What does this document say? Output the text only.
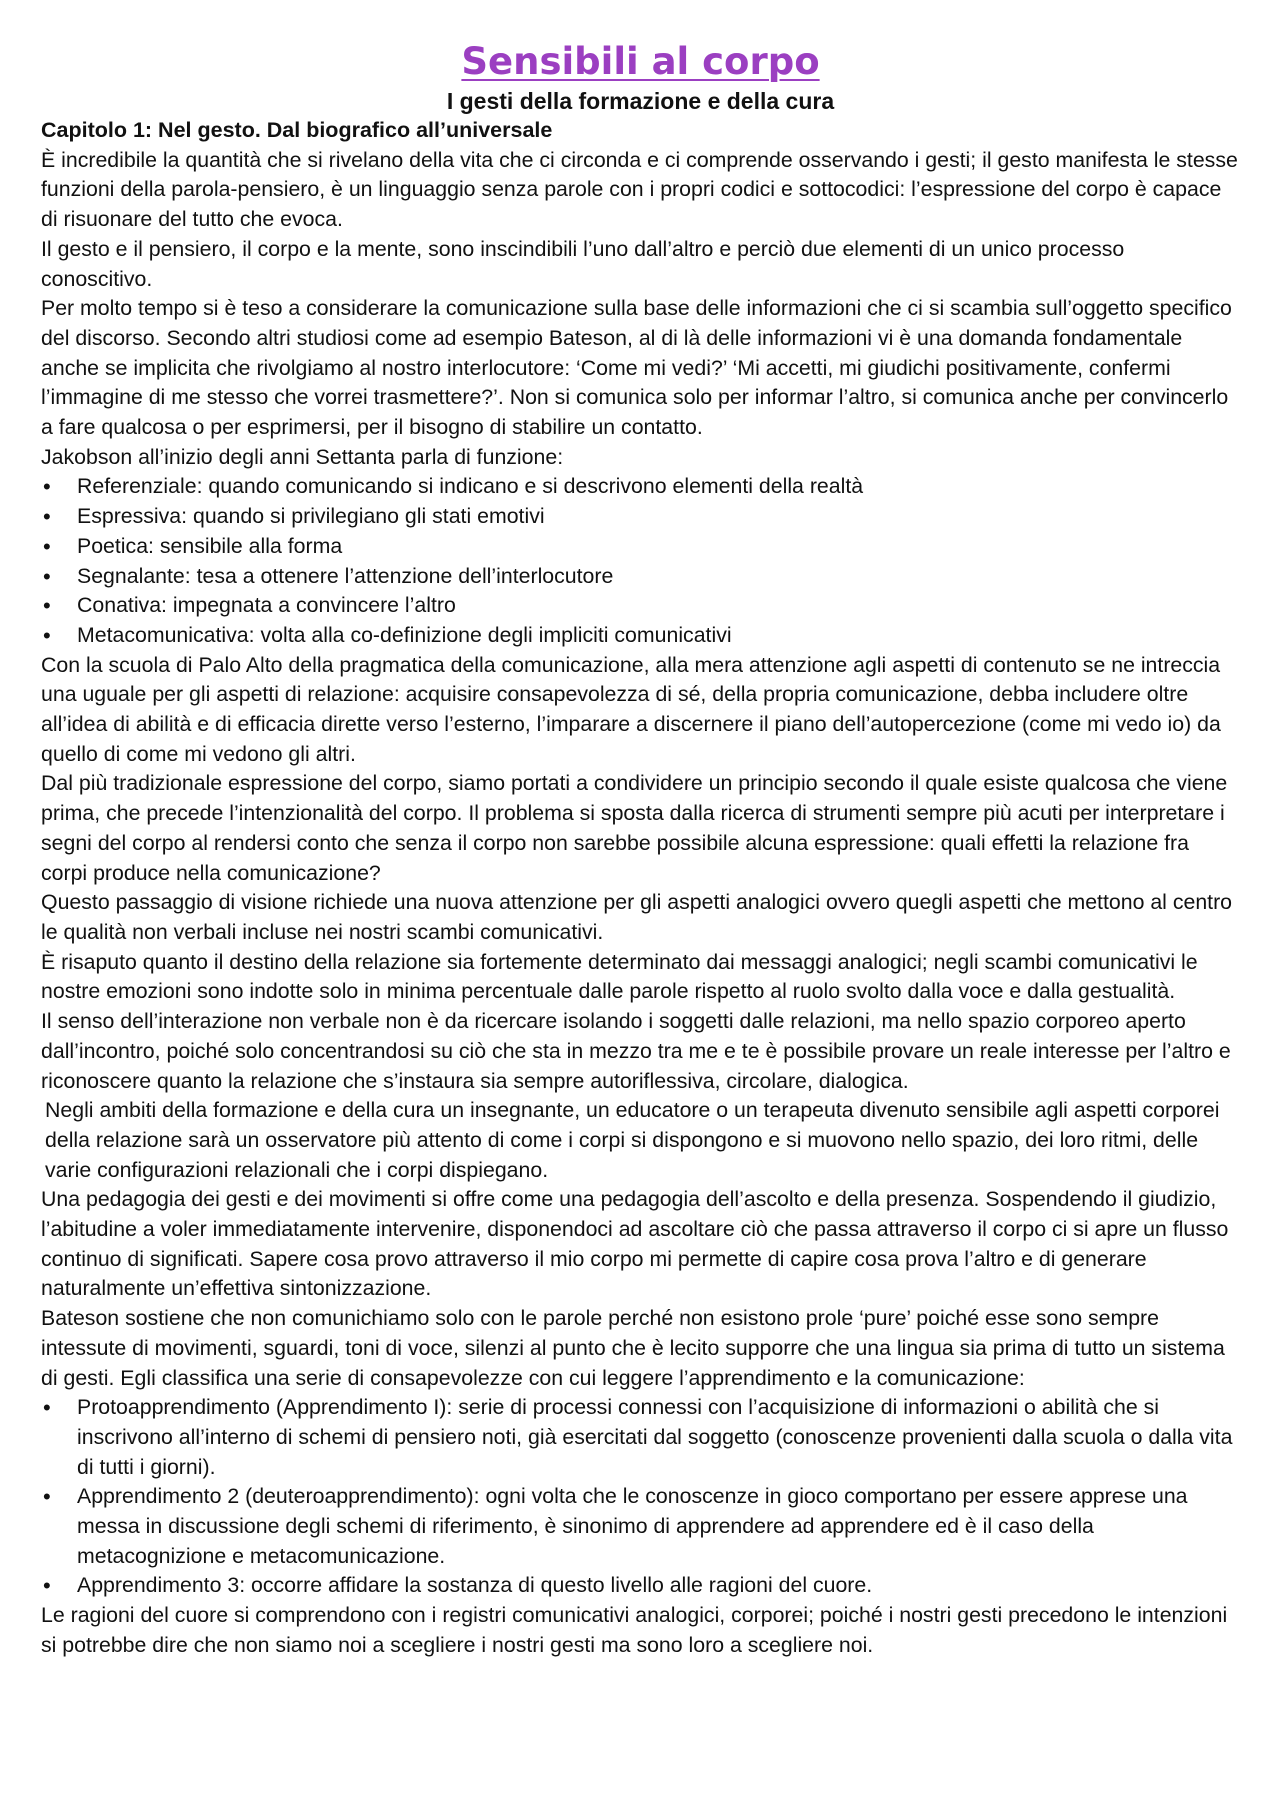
Sensibili al corpo
I gesti della formazione e della cura
Capitolo 1: Nel gesto. Dal biografico all’universale

È incredibile la quantità che si rivelano della vita che ci circonda e ci comprende osservando i gesti; il gesto manifesta le stesse funzioni della parola-pensiero, è un linguaggio senza parole con i propri codici e sottocodici: l’espressione del corpo è capace di risuonare del tutto che evoca.

Il gesto e il pensiero, il corpo e la mente, sono inscindibili l’uno dall’altro e perciò due elementi di un unico processo conoscitivo.

Per molto tempo si è teso a considerare la comunicazione sulla base delle informazioni che ci si scambia sull’oggetto specifico del discorso. Secondo altri studiosi come ad esempio Bateson, al di là delle informazioni vi è una domanda fondamentale anche se implicita che rivolgiamo al nostro interlocutore: ‘Come mi vedi?’ ‘Mi accetti, mi giudichi positivamente, confermi l’immagine di me stesso che vorrei trasmettere?’. Non si comunica solo per informar l’altro, si comunica anche per convincerlo a fare qualcosa o per esprimersi, per il bisogno di stabilire un contatto.

Jakobson all’inizio degli anni Settanta parla di funzione:

• Referenziale: quando comunicando si indicano e si descrivono elementi della realtà
• Espressiva: quando si privilegiano gli stati emotivi
• Poetica: sensibile alla forma
• Segnalante: tesa a ottenere l’attenzione dell’interlocutore
• Conativa: impegnata a convincere l’altro
• Metacomunicativa: volta alla co-definizione degli impliciti comunicativi

Con la scuola di Palo Alto della pragmatica della comunicazione, alla mera attenzione agli aspetti di contenuto se ne intreccia una uguale per gli aspetti di relazione: acquisire consapevolezza di sé, della propria comunicazione, debba includere oltre all’idea di abilità e di efficacia dirette verso l’esterno, l’imparare a discernere il piano dell’autopercezione (come mi vedo io) da quello di come mi vedono gli altri.

Dal più tradizionale espressione del corpo, siamo portati a condividere un principio secondo il quale esiste qualcosa che viene prima, che precede l’intenzionalità del corpo. Il problema si sposta dalla ricerca di strumenti sempre più acuti per interpretare i segni del corpo al rendersi conto che senza il corpo non sarebbe possibile alcuna espressione: quali effetti la relazione fra corpi produce nella comunicazione?

Questo passaggio di visione richiede una nuova attenzione per gli aspetti analogici ovvero quegli aspetti che mettono al centro le qualità non verbali incluse nei nostri scambi comunicativi.

È risaputo quanto il destino della relazione sia fortemente determinato dai messaggi analogici; negli scambi comunicativi le nostre emozioni sono indotte solo in minima percentuale dalle parole rispetto al ruolo svolto dalla voce e dalla gestualità.

Il senso dell’interazione non verbale non è da ricercare isolando i soggetti dalle relazioni, ma nello spazio corporeo aperto dall’incontro, poiché solo concentrandosi su ciò che sta in mezzo tra me e te è possibile provare un reale interesse per l’altro e riconoscere quanto la relazione che s’instaura sia sempre autoriflessiva, circolare, dialogica.

Negli ambiti della formazione e della cura un insegnante, un educatore o un terapeuta divenuto sensibile agli aspetti corporei della relazione sarà un osservatore più attento di come i corpi si dispongono e si muovono nello spazio, dei loro ritmi, delle varie configurazioni relazionali che i corpi dispiegano.

Una pedagogia dei gesti e dei movimenti si offre come una pedagogia dell’ascolto e della presenza. Sospendendo il giudizio, l’abitudine a voler immediatamente intervenire, disponendoci ad ascoltare ciò che passa attraverso il corpo ci si apre un flusso continuo di significati. Sapere cosa provo attraverso il mio corpo mi permette di capire cosa prova l’altro e di generare naturalmente un’effettiva sintonizzazione.

Bateson sostiene che non comunichiamo solo con le parole perché non esistono prole ‘pure’ poiché esse sono sempre intessute di movimenti, sguardi, toni di voce, silenzi al punto che è lecito supporre che una lingua sia prima di tutto un sistema di gesti. Egli classifica una serie di consapevolezze con cui leggere l’apprendimento e la comunicazione:

• Protoapprendimento (Apprendimento I): serie di processi connessi con l’acquisizione di informazioni o abilità che si inscrivono all’interno di schemi di pensiero noti, già esercitati dal soggetto (conoscenze provenienti dalla scuola o dalla vita di tutti i giorni).
• Apprendimento 2 (deuteroapprendimento): ogni volta che le conoscenze in gioco comportano per essere apprese una messa in discussione degli schemi di riferimento, è sinonimo di apprendere ad apprendere ed è il caso della metacognizione e metacomunicazione.
• Apprendimento 3: occorre affidare la sostanza di questo livello alle ragioni del cuore.

Le ragioni del cuore si comprendono con i registri comunicativi analogici, corporei; poiché i nostri gesti precedono le intenzioni si potrebbe dire che non siamo noi a scegliere i nostri gesti ma sono loro a scegliere noi.
